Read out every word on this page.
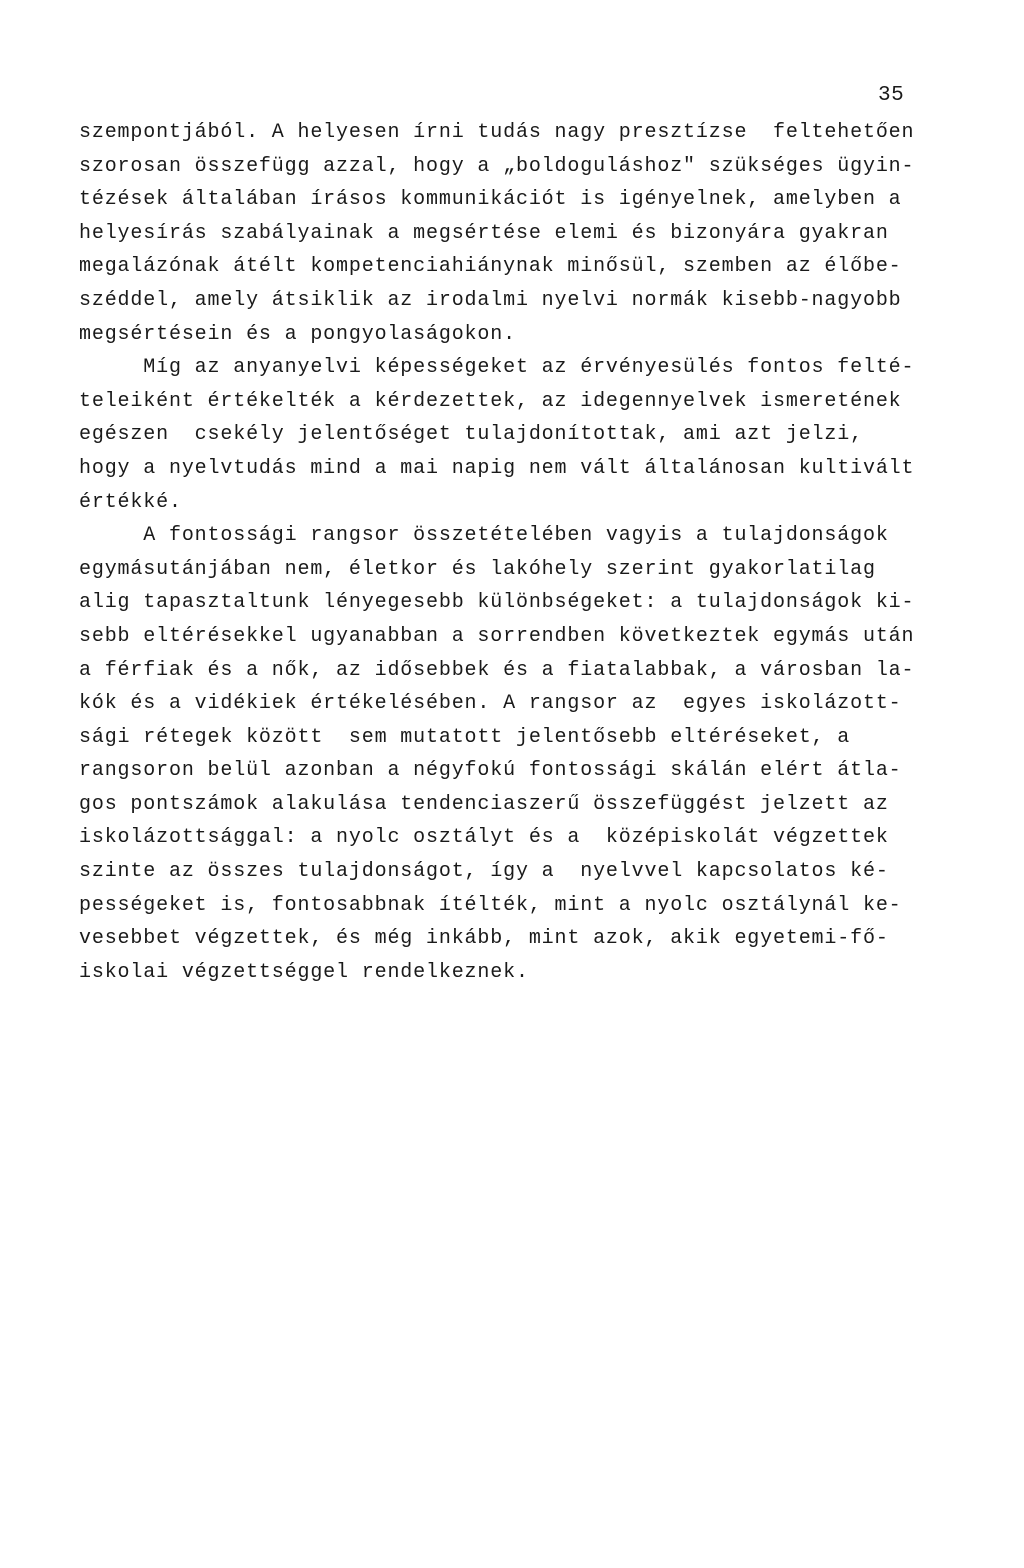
35
szempontjából. A helyesen írni tudás nagy presztízse  feltehetően
szorosan összefügg azzal, hogy a „boldoguláshoz" szükséges ügyin-
tézések általában írásos kommunikációt is igényelnek, amelyben a
helyesírás szabályainak a megsértése elemi és bizonyára gyakran
megalázónak átélt kompetenciahiánynak minősül, szemben az élőbe-
széddel, amely átsiklik az irodalmi nyelvi normák kisebb-nagyobb
megsértésein és a pongyolaságokon.
Míg az anyanyelvi képességeket az érvényesülés fontos felté-
teleiként értékelték a kérdezettek, az idegennyelvek ismeretének
egészen  csekély jelentőséget tulajdonítottak, ami azt jelzi,
hogy a nyelvtudás mind a mai napig nem vált általánosan kultivált
értékké.
A fontossági rangsor összetételében vagyis a tulajdonságok
egymásutánjában nem, életkor és lakóhely szerint gyakorlatilag
alig tapasztaltunk lényegesebb különbségeket: a tulajdonságok ki-
sebb eltérésekkel ugyanabban a sorrendben következtek egymás után
a férfiak és a nők, az idősebbek és a fiatalabbak, a városban la-
kók és a vidékiek értékelésében. A rangsor az  egyes iskolázott-
sági rétegek között  sem mutatott jelentősebb eltéréseket, a
rangsoron belül azonban a négyfokú fontossági skálán elért átla-
gos pontszámok alakulása tendenciaszerű összefüggést jelzett az
iskolázottsággal: a nyolc osztályt és a  középiskolát végzettek
szinte az összes tulajdonságot, így a  nyelvvel kapcsolatos ké-
pességeket is, fontosabbnak ítélték, mint a nyolc osztálynál ke-
vesebbet végzettek, és még inkább, mint azok, akik egyetemi-fő-
iskolai végzettséggel rendelkeznek.
